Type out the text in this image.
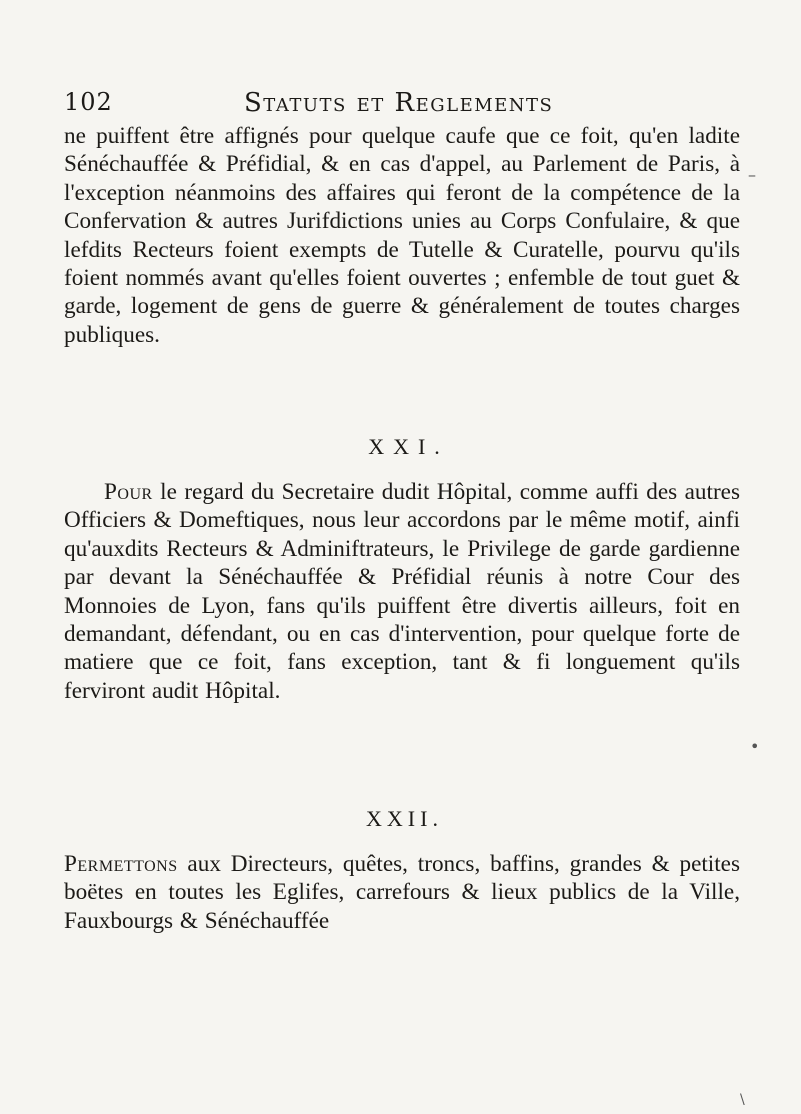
102	Statuts et Reglements

ne puiffent être affignés pour quelque caufe que ce foit, qu'en ladite Sénéchauffée & Préfidial, & en cas d'appel, au Parlement de Paris, à l'exception néanmoins des affaires qui feront de la compétence de la Confervation & autres Jurifdictions unies au Corps Confulaire, & que lefdits Recteurs foient exempts de Tutelle & Curatelle, pourvu qu'ils foient nommés avant qu'elles foient ouvertes ; enfemble de tout guet & garde, logement de gens de guerre & généralement de toutes charges publiques.

XXI.

Pour le regard du Secretaire dudit Hôpital, comme auffi des autres Officiers & Domeftiques, nous leur accordons par le même motif, ainfi qu'auxdits Recteurs & Adminiftrateurs, le Privilege de garde gardienne par devant la Sénéchauffée & Préfidial réunis à notre Cour des Monnoies de Lyon, fans qu'ils puiffent être divertis ailleurs, foit en demandant, défendant, ou en cas d'intervention, pour quelque forte de matiere que ce foit, fans exception, tant & fi longuement qu'ils ferviront audit Hôpital.

XXII.

Permettons aux Directeurs, quêtes, troncs, baffins, grandes & petites boëtes en toutes les Eglifes, carrefours & lieux publics de la Ville, Fauxbourgs & Sénéchauffée

–
•
\
